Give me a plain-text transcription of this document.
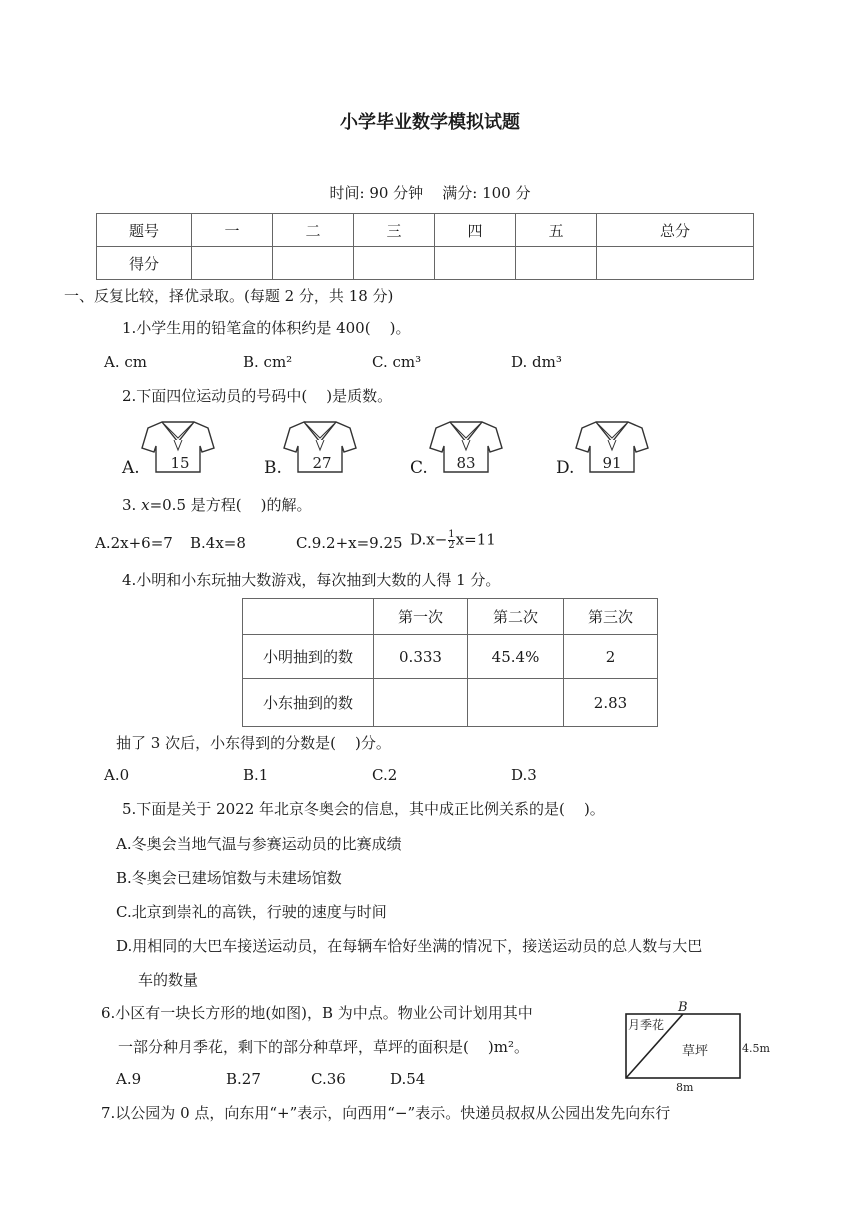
小学毕业数学模拟试题
时间: 90 分钟    满分: 100 分
题号	一	二	三	四	五	总分
得分						
一、反复比较，择优录取。(每题 2 分，共 18 分)
1.小学生用的铅笔盒的体积约是 400(    )。
A. cm	B. cm²	C. cm³	D. dm³
2.下面四位运动员的号码中(    )是质数。
A. 15	B. 27	C. 83	D. 91
3. x=0.5 是方程(    )的解。
A.2x+6=7 B.4x=8	C.9.2+x=9.25 $D.x- \frac{1}{2} x=11$
4.小明和小东玩抽大数游戏，每次抽到大数的人得 1 分。
	第一次	第二次	第三次
小明抽到的数	0.333	45.4%	2
小东抽到的数			2.83
抽了 3 次后，小东得到的分数是(    )分。
A.0	B.1	C.2	D.3
5.下面是关于 2022 年北京冬奥会的信息，其中成正比例关系的是(    )。
A.冬奥会当地气温与参赛运动员的比赛成绩
B.冬奥会已建场馆数与未建场馆数
C.北京到崇礼的高铁，行驶的速度与时间
D.用相同的大巴车接送运动员，在每辆车恰好坐满的情况下，接送运动员的总人数与大巴
车的数量
6.小区有一块长方形的地(如图)，B 为中点。物业公司计划用其中
一部分种月季花，剩下的部分种草坪，草坪的面积是(    )m²。
A.9	B.27	C.36	D.54
B
月季花
草坪	4.5m
8m
7.以公园为 0 点，向东用“+”表示，向西用“−”表示。快递员叔叔从公园出发先向东行
